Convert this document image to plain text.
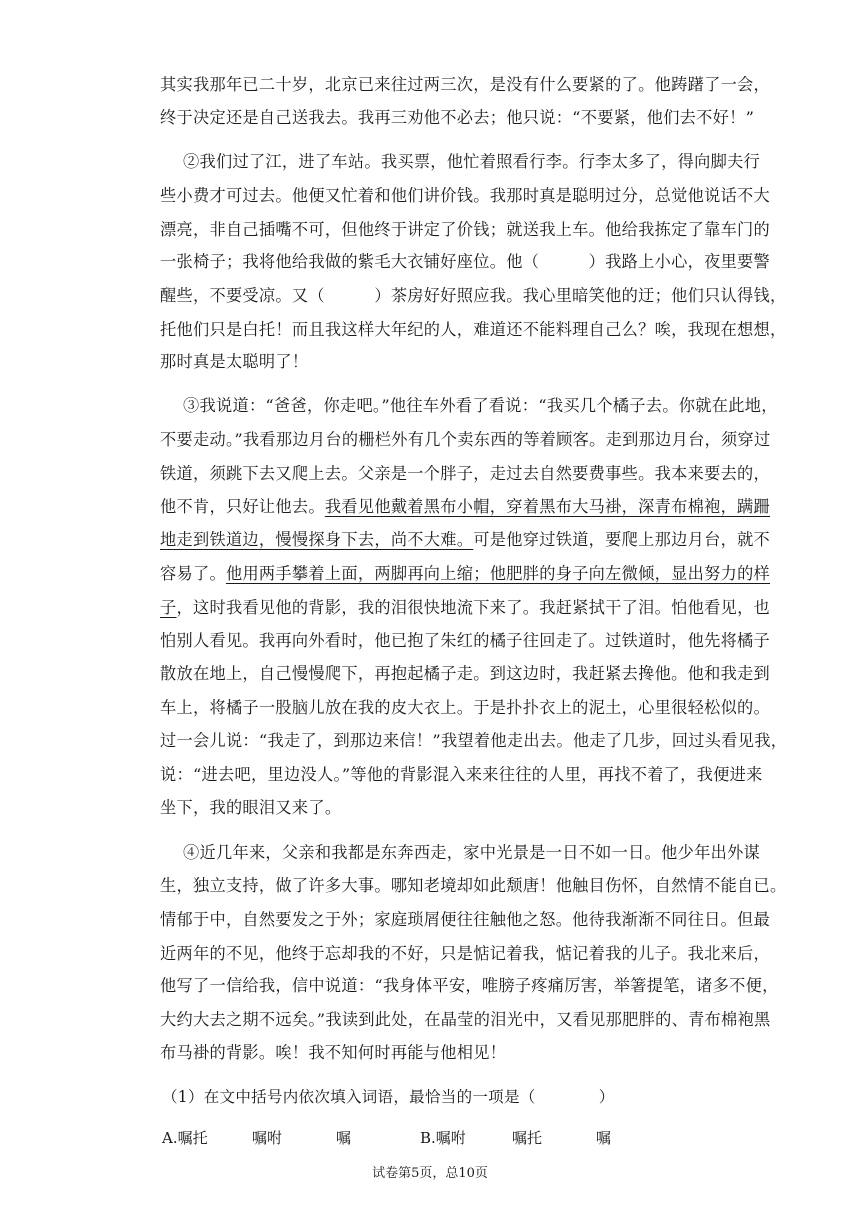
其实我那年已二十岁，北京已来往过两三次，是没有什么要紧的了。他踌躇了一会，
终于决定还是自己送我去。我再三劝他不必去；他只说：“不要紧，他们去不好！”
②我们过了江，进了车站。我买票，他忙着照看行李。行李太多了，得向脚夫行
些小费才可过去。他便又忙着和他们讲价钱。我那时真是聪明过分，总觉他说话不大
漂亮，非自己插嘴不可，但他终于讲定了价钱；就送我上车。他给我拣定了靠车门的
一张椅子；我将他给我做的紫毛大衣铺好座位。他（　　　）我路上小心，夜里要警
醒些，不要受凉。又（　　　）茶房好好照应我。我心里暗笑他的迂；他们只认得钱，
托他们只是白托！而且我这样大年纪的人，难道还不能料理自己么？唉，我现在想想，
那时真是太聪明了！
③我说道：“爸爸，你走吧。”他往车外看了看说：“我买几个橘子去。你就在此地，
不要走动。”我看那边月台的栅栏外有几个卖东西的等着顾客。走到那边月台，须穿过
铁道，须跳下去又爬上去。父亲是一个胖子，走过去自然要费事些。我本来要去的，
他不肯，只好让他去。我看见他戴着黑布小帽，穿着黑布大马褂，深青布棉袍，蹒跚
地走到铁道边，慢慢探身下去，尚不大难。可是他穿过铁道，要爬上那边月台，就不
容易了。他用两手攀着上面，两脚再向上缩；他肥胖的身子向左微倾，显出努力的样
子，这时我看见他的背影，我的泪很快地流下来了。我赶紧拭干了泪。怕他看见，也
怕别人看见。我再向外看时，他已抱了朱红的橘子往回走了。过铁道时，他先将橘子
散放在地上，自己慢慢爬下，再抱起橘子走。到这边时，我赶紧去搀他。他和我走到
车上，将橘子一股脑儿放在我的皮大衣上。于是扑扑衣上的泥土，心里很轻松似的。
过一会儿说：“我走了，到那边来信！”我望着他走出去。他走了几步，回过头看见我，
说：“进去吧，里边没人。”等他的背影混入来来往往的人里，再找不着了，我便进来
坐下，我的眼泪又来了。
④近几年来，父亲和我都是东奔西走，家中光景是一日不如一日。他少年出外谋
生，独立支持，做了许多大事。哪知老境却如此颓唐！他触目伤怀，自然情不能自已。
情郁于中，自然要发之于外；家庭琐屑便往往触他之怒。他待我渐渐不同往日。但最
近两年的不见，他终于忘却我的不好，只是惦记着我，惦记着我的儿子。我北来后，
他写了一信给我，信中说道：“我身体平安，唯膀子疼痛厉害，举箸提笔，诸多不便，
大约大去之期不远矣。”我读到此处，在晶莹的泪光中，又看见那肥胖的、青布棉袍黑
布马褂的背影。唉！我不知何时再能与他相见！
（1）在文中括号内依次填入词语，最恰当的一项是（　　　　）
A.嘱托	嘱咐	嘱	B.嘱咐	嘱托	嘱
试卷第5页，总10页
